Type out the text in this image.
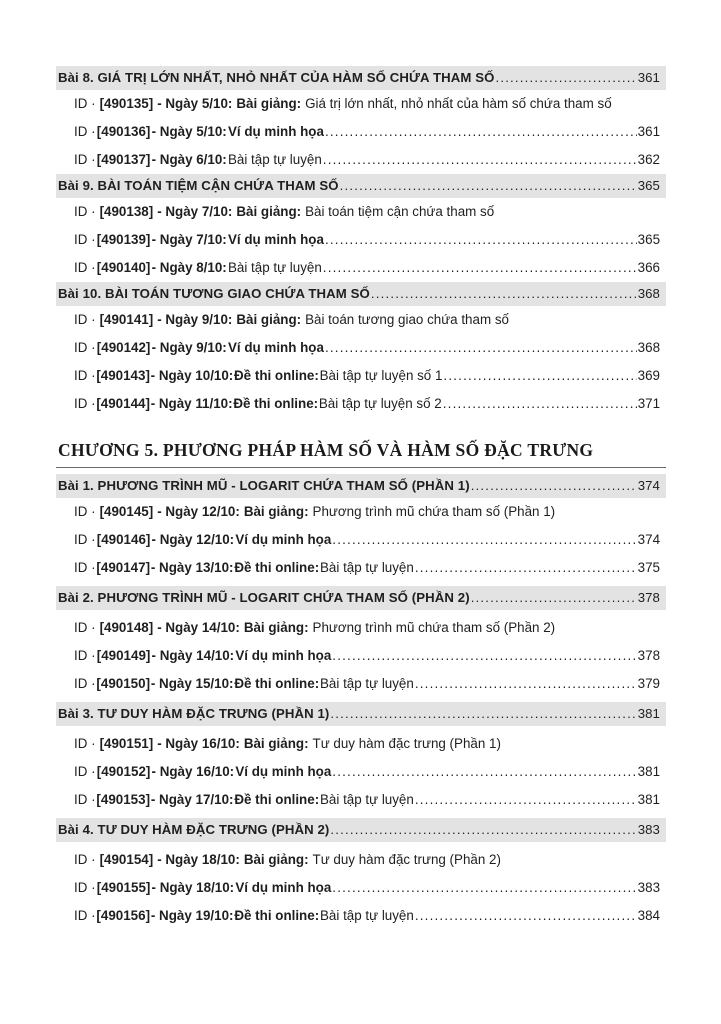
Bài 8. GIÁ TRỊ LỚN NHẤT, NHỎ NHẤT CỦA HÀM SỐ CHỨA THAM SỐ .....	361
ID · [490135] - Ngày 5/10: Bài giảng: Giá trị lớn nhất, nhỏ nhất của hàm số chứa tham số
ID · [490136] - Ngày 5/10: Ví dụ minh họa .....	361
ID · [490137] - Ngày 6/10: Bài tập tự luyện .....	362
Bài 9. BÀI TOÁN TIỆM CẬN CHỨA THAM SỐ .....	365
ID · [490138] - Ngày 7/10: Bài giảng: Bài toán tiệm cận chứa tham số
ID · [490139] - Ngày 7/10: Ví dụ minh họa .....	365
ID · [490140] - Ngày 8/10: Bài tập tự luyện .....	366
Bài 10. BÀI TOÁN TƯƠNG GIAO CHỨA THAM SỐ .....	368
ID · [490141] - Ngày 9/10: Bài giảng: Bài toán tương giao chứa tham số
ID · [490142] - Ngày 9/10: Ví dụ minh họa .....	368
ID · [490143] - Ngày 10/10: Đề thi online: Bài tập tự luyện số 1 .....	369
ID · [490144] - Ngày 11/10: Đề thi online: Bài tập tự luyện số 2 .....	371
CHƯƠNG 5. PHƯƠNG PHÁP HÀM SỐ VÀ HÀM SỐ ĐẶC TRƯNG
Bài 1. PHƯƠNG TRÌNH MŨ - LOGARIT CHỨA THAM SỐ (PHẦN 1) .....	374
ID · [490145] - Ngày 12/10: Bài giảng: Phương trình mũ chứa tham số (Phần 1)
ID · [490146] - Ngày 12/10: Ví dụ minh họa .....	374
ID · [490147] - Ngày 13/10: Đề thi online: Bài tập tự luyện .....	375
Bài 2. PHƯƠNG TRÌNH MŨ - LOGARIT CHỨA THAM SỐ (PHẦN 2) .....	378
ID · [490148] - Ngày 14/10: Bài giảng: Phương trình mũ chứa tham số (Phần 2)
ID · [490149] - Ngày 14/10: Ví dụ minh họa .....	378
ID · [490150] - Ngày 15/10: Đề thi online: Bài tập tự luyện .....	379
Bài 3. TƯ DUY HÀM ĐẶC TRƯNG (PHẦN 1) .....	381
ID · [490151] - Ngày 16/10: Bài giảng: Tư duy hàm đặc trưng (Phần 1)
ID · [490152] - Ngày 16/10: Ví dụ minh họa .....	381
ID · [490153] - Ngày 17/10: Đề thi online: Bài tập tự luyện .....	381
Bài 4. TƯ DUY HÀM ĐẶC TRƯNG (PHẦN 2) .....	383
ID · [490154] - Ngày 18/10: Bài giảng: Tư duy hàm đặc trưng (Phần 2)
ID · [490155] - Ngày 18/10: Ví dụ minh họa .....	383
ID · [490156] - Ngày 19/10: Đề thi online: Bài tập tự luyện .....	384
